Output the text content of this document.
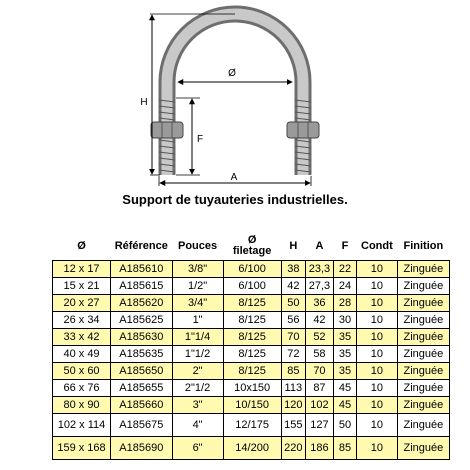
Ø
H
F
A
Support de tuyauteries industrielles.
Ø	Référence	Pouces	Ø
filetage	H	A	F	Condt	Finition
12 x 17	A185610	3/8"	6/100	38	23,3	22	10	Zinguée
15 x 21	A185615	1/2"	6/100	42	27,3	24	10	Zinguée
20 x 27	A185620	3/4"	8/125	50	36	28	10	Zinguée
26 x 34	A185625	1"	8/125	56	42	30	10	Zinguée
33 x 42	A185630	1"1/4	8/125	70	52	35	10	Zinguée
40 x 49	A185635	1"1/2	8/125	72	58	35	10	Zinguée
50 x 60	A185650	2"	8/125	85	70	35	10	Zinguée
66 x 76	A185655	2"1/2	10x150	113	87	45	10	Zinguée
80 x 90	A185660	3"	10/150	120	102	45	10	Zinguée
102 x 114	A185675	4"	12/175	155	127	50	10	Zinguée
159 x 168	A185690	6"	14/200	220	186	85	10	Zinguée
